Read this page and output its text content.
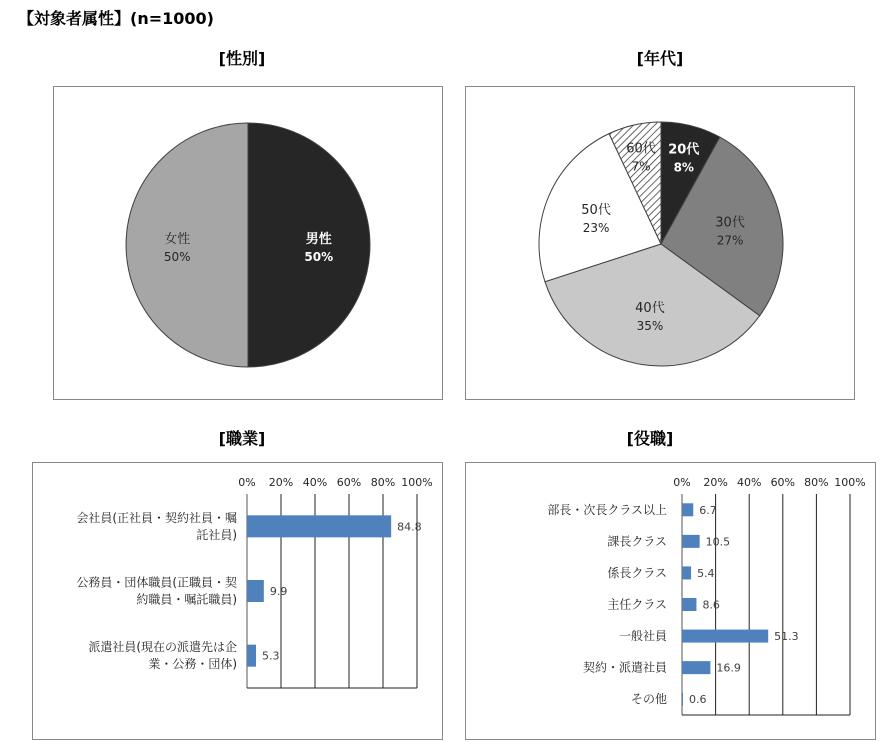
【対象者属性】(n=1000)
[性別]	[年代]
[職業]	[役職]
男性
50%
女性
50%
20代
8%
30代
27%
40代
35%
50代
23%
60代
7%
0% 20% 40% 60% 80% 100%
84.8
会社員(正社員・契約社員・嘱
託社員)
9.9
公務員・団体職員(正職員・契
約職員・嘱託職員)
5.3
派遣社員(現在の派遣先は企
業・公務・団体)
0% 20% 40% 60% 80% 100%
6.7
部長・次長クラス以上
10.5
課長クラス
5.4
係長クラス
8.6
主任クラス
51.3
一般社員
16.9
契約・派遣社員
0.6
その他
